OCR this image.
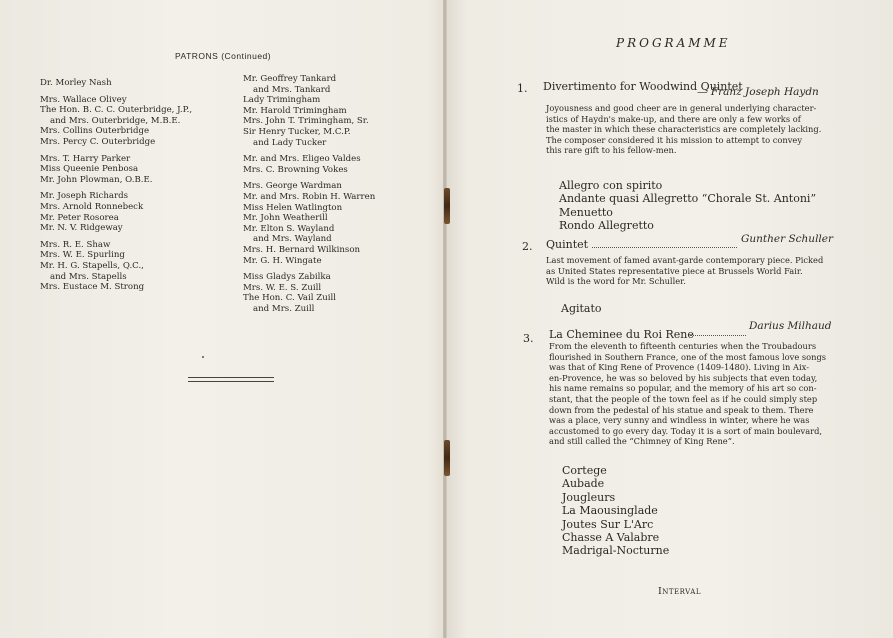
PATRONS (Continued)
Dr. Morley Nash
Mrs. Wallace Olivey
The Hon. B. C. C. Outerbridge, J.P.,
and Mrs. Outerbridge, M.B.E.
Mrs. Collins Outerbridge
Mrs. Percy C. Outerbridge
Mrs. T. Harry Parker
Miss Queenie Penbosa
Mr. John Plowman, O.B.E.
Mr. Joseph Richards
Mrs. Arnold Ronnebeck
Mr. Peter Rosorea
Mr. N. V. Ridgeway
Mrs. R. E. Shaw
Mrs. W. E. Spurling
Mr. H. G. Stapells, Q.C.,
and Mrs. Stapells
Mrs. Eustace M. Strong
Mr. Geoffrey Tankard
and Mrs. Tankard
Lady Trimingham
Mr. Harold Trimingham
Mrs. John T. Trimingham, Sr.
Sir Henry Tucker, M.C.P.
and Lady Tucker
Mr. and Mrs. Eligeo Valdes
Mrs. C. Browning Vokes
Mrs. George Wardman
Mr. and Mrs. Robin H. Warren
Miss Helen Watlington
Mr. John Weatherill
Mr. Elton S. Wayland
and Mrs. Wayland
Mrs. H. Bernard Wilkinson
Mr. G. H. Wingate
Miss Gladys Zabilka
Mrs. W. E. S. Zuill
The Hon. C. Vail Zuill
and Mrs. Zuill
PROGRAMME
1. Divertimento for Woodwind Quintet
— Franz Joseph Haydn
Joyousness and good cheer are in general underlying character-
istics of Haydn's make-up, and there are only a few works of
the master in which these characteristics are completely lacking.
The composer considered it his mission to attempt to convey
this rare gift to his fellow-men.
Allegro con spirito
Andante quasi Allegretto “Chorale St. Antoni”
Menuetto
Rondo Allegretto
2. Quintet	Gunther Schuller
Last movement of famed avant-garde contemporary piece. Picked
as United States representative piece at Brussels World Fair.
Wild is the word for Mr. Schuller.
Agitato
3. La Cheminee du Roi Rene
Darius Milhaud
From the eleventh to fifteenth centuries when the Troubadours
flourished in Southern France, one of the most famous love songs
was that of King Rene of Provence (1409-1480). Living in Aix-
en-Provence, he was so beloved by his subjects that even today,
his name remains so popular, and the memory of his art so con-
stant, that the people of the town feel as if he could simply step
down from the pedestal of his statue and speak to them. There
was a place, very sunny and windless in winter, where he was
accustomed to go every day. Today it is a sort of main boulevard,
and still called the “Chimney of King Rene”.
Cortege
Aubade
Jougleurs
La Maousinglade
Joutes Sur L'Arc
Chasse A Valabre
Madrigal-Nocturne
Interval
